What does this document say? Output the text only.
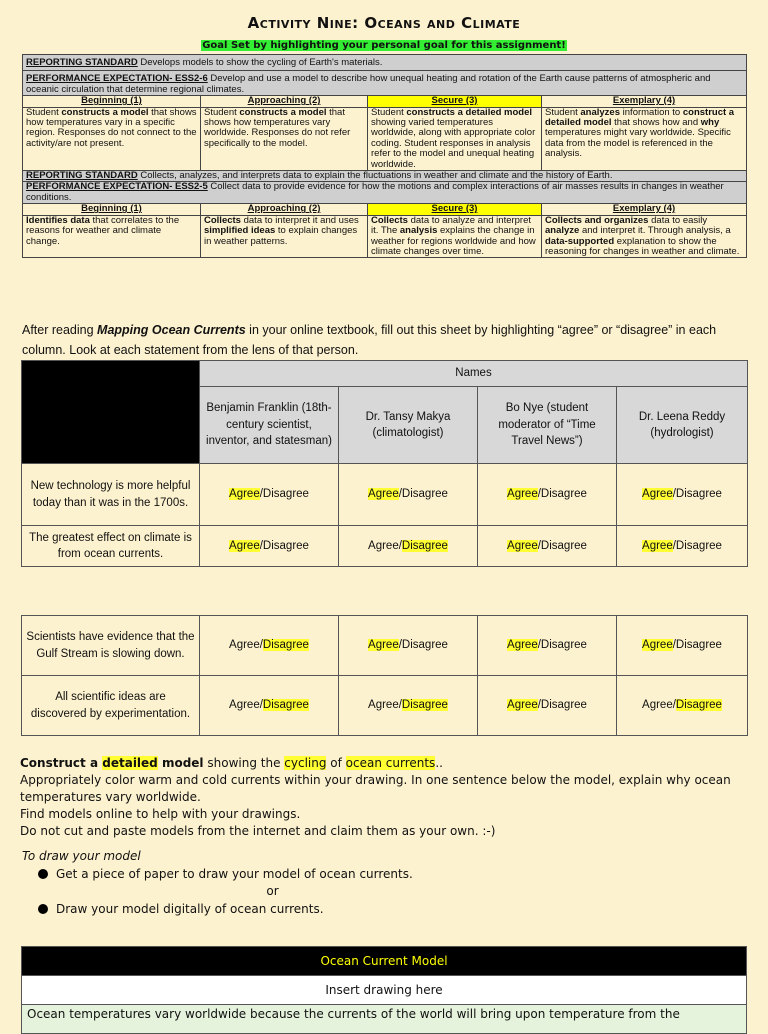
Activity Nine: Oceans and Climate
Goal Set by highlighting your personal goal for this assignment!
REPORTING STANDARD Develops models to show the cycling of Earth's materials.			
PERFORMANCE EXPECTATION- ESS2-6 Develop and use a model to describe how unequal heating and rotation of the Earth cause patterns of atmospheric and oceanic circulation that determine regional climates.			
Beginning (1)	Approaching (2)	Secure (3)	Exemplary (4)
Student constructs a model that shows how temperatures vary in a specific region. Responses do not connect to the activity/are not present.	Student constructs a model that shows how temperatures vary worldwide. Responses do not refer specifically to the model.	Student constructs a detailed model showing varied temperatures worldwide, along with appropriate color coding. Student responses in analysis refer to the model and unequal heating worldwide.	Student analyzes information to construct a detailed model that shows how and why temperatures might vary worldwide. Specific data from the model is referenced in the analysis.
REPORTING STANDARD Collects, analyzes, and interprets data to explain the fluctuations in weather and climate and the history of Earth.			
PERFORMANCE EXPECTATION- ESS2-5 Collect data to provide evidence for how the motions and complex interactions of air masses results in changes in weather conditions.			
Beginning (1)	Approaching (2)	Secure (3)	Exemplary (4)
Identifies data that correlates to the reasons for weather and climate change.	Collects data to interpret it and uses simplified ideas to explain changes in weather patterns.	Collects data to analyze and interpret it. The analysis explains the change in weather for regions worldwide and how climate changes over time.	Collects and organizes data to easily analyze and interpret it. Through analysis, a data-supported explanation to show the reasoning for changes in weather and climate.
After reading Mapping Ocean Currents in your online textbook, fill out this sheet by highlighting “agree” or “disagree” in each column. Look at each statement from the lens of that person.
	Names			
	Benjamin Franklin (18th-century scientist, inventor, and statesman)	Dr. Tansy Makya (climatologist)	Bo Nye (student moderator of “Time Travel News”)	Dr. Leena Reddy (hydrologist)
New technology is more helpful today than it was in the 1700s.	Agree/Disagree	Agree/Disagree	Agree/Disagree	Agree/Disagree
The greatest effect on climate is from ocean currents.	Agree/Disagree	Agree/Disagree	Agree/Disagree	Agree/Disagree
Scientists have evidence that the Gulf Stream is slowing down.	Agree/Disagree	Agree/Disagree	Agree/Disagree	Agree/Disagree
All scientific ideas are discovered by experimentation.	Agree/Disagree	Agree/Disagree	Agree/Disagree	Agree/Disagree
Construct a detailed model showing the cycling of ocean currents..
Appropriately color warm and cold currents within your drawing. In one sentence below the model, explain why ocean temperatures vary worldwide.
Find models online to help with your drawings.
Do not cut and paste models from the internet and claim them as your own. :-)
To draw your model
Get a piece of paper to draw your model of ocean currents.
or
Draw your model digitally of ocean currents.
Ocean Current Model
Insert drawing here
Ocean temperatures vary worldwide because the currents of the world will bring upon temperature from the
